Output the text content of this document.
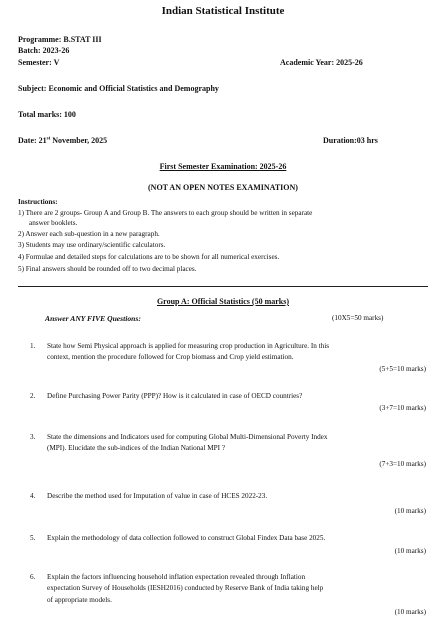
Indian Statistical Institute
Programme: B.STAT III
Batch: 2023-26
Semester: V	Academic Year: 2025-26
Subject: Economic and Official Statistics and Demography
Total marks: 100
Date: 21st November, 2025	Duration:03 hrs
First Semester Examination: 2025-26
(NOT AN OPEN NOTES EXAMINATION)
Instructions:
1) There are 2 groups- Group A and Group B. The answers to each group should be written in separate
answer booklets.
2) Answer each sub-question in a new paragraph.
3) Students may use ordinary/scientific calculators.
4) Formulae and detailed steps for calculations are to be shown for all numerical exercises.
5) Final answers should be rounded off to two decimal places.
Group A: Official Statistics (50 marks)
Answer ANY FIVE Questions:	(10X5=50 marks)
1. State how Semi Physical approach is applied for measuring crop production in Agriculture. In this
context, mention the procedure followed for Crop biomass and Crop yield estimation.
(5+5=10 marks)
2. Define Purchasing Power Parity (PPP)? How is it calculated in case of OECD countries?
(3+7=10 marks)
3. State the dimensions and Indicators used for computing Global Multi-Dimensional Poverty Index
(MPI). Elucidate the sub-indices of the Indian National MPI ?
(7+3=10 marks)
4. Describe the method used for Imputation of value in case of HCES 2022-23.
(10 marks)
5. Explain the methodology of data collection followed to construct Global Findex Data base 2025.
(10 marks)
6. Explain the factors influencing household inflation expectation revealed through Inflation
expectation Survey of Households (IESH2016) conducted by Reserve Bank of India taking help
of appropriate models.
(10 marks)
